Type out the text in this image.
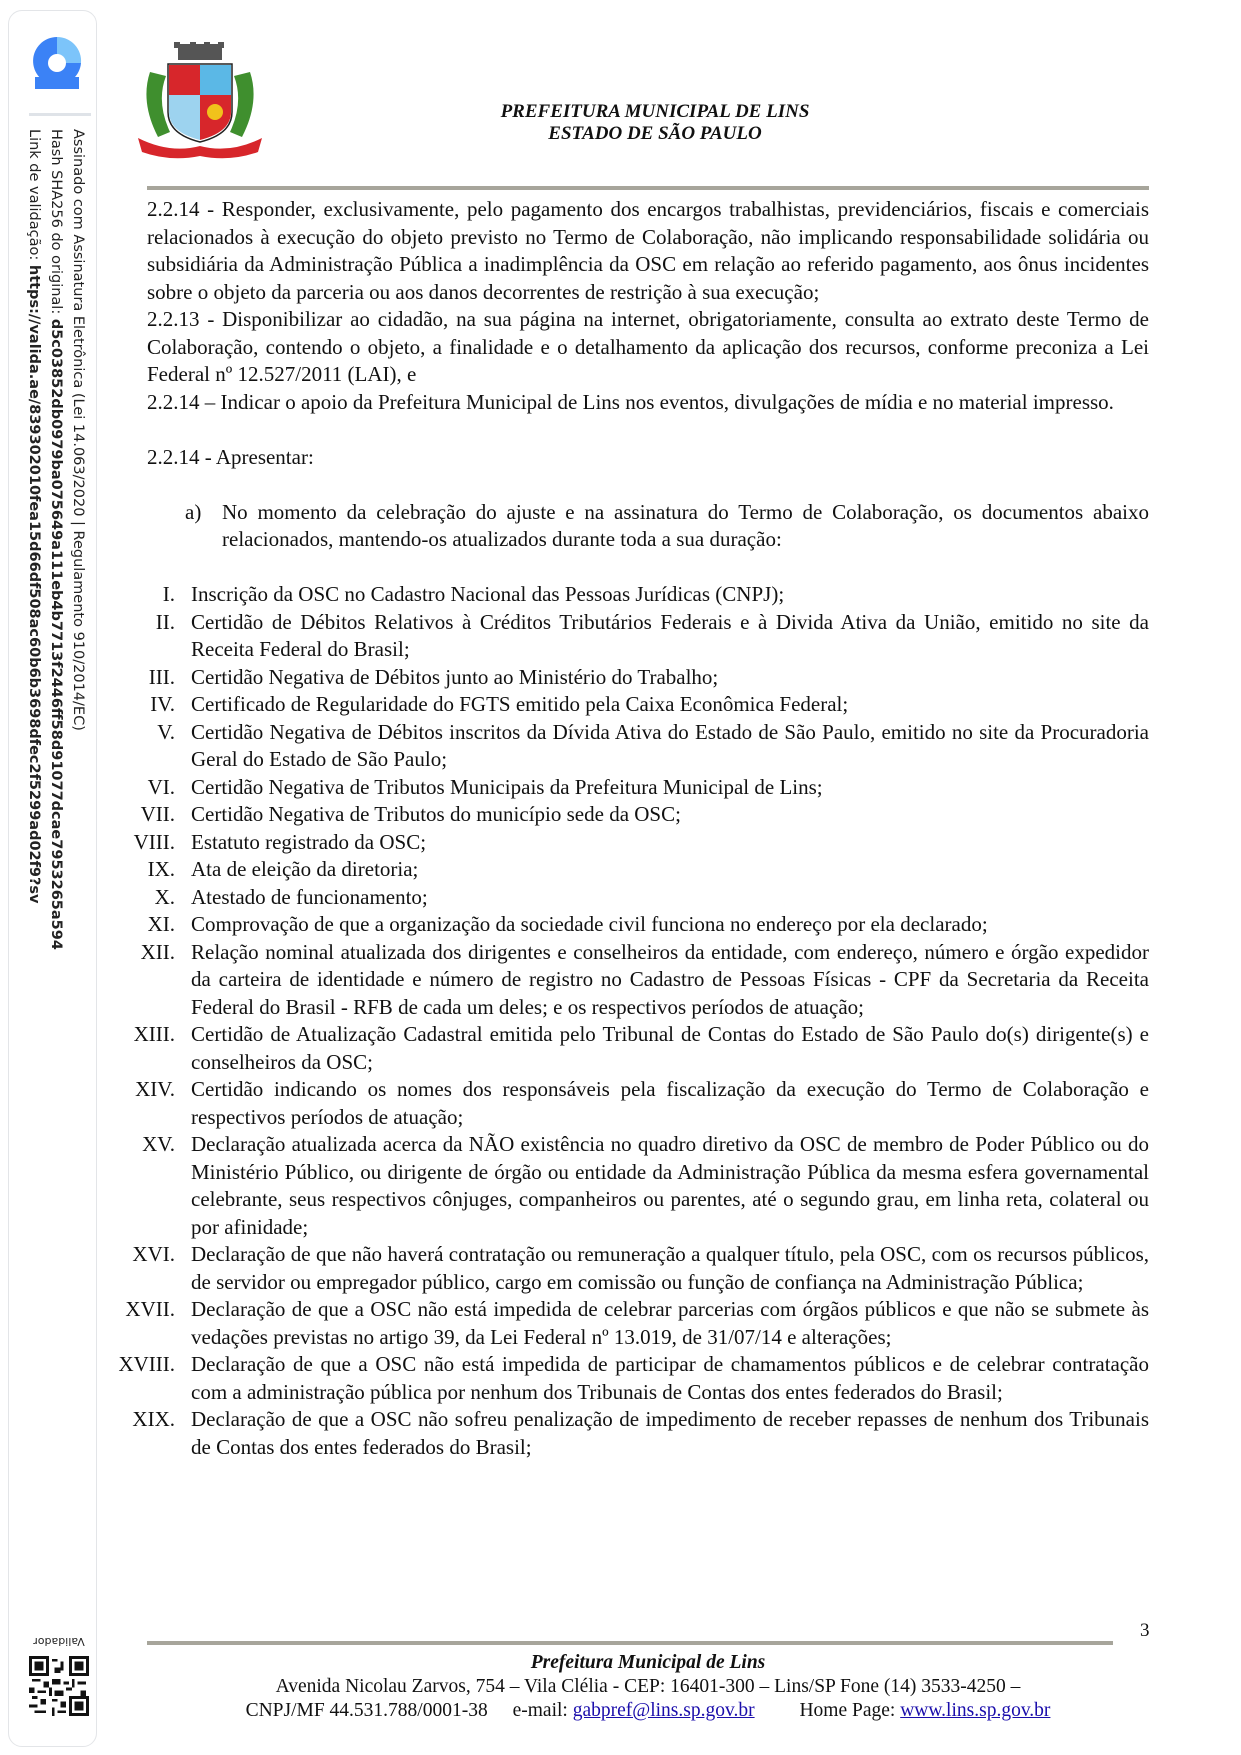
Assinado com Assinatura Eletrônica (Lei 14.063/2020 | Regulamento 910/2014/EC)
Hash SHA256 do original: d5c03852db0979ba075649a111eb4b7713f2446ff58d91077dcae7953265a594
Link de validação: https://valida.ae/839302010fea15d66df508ac60b6b3698dfec2f5299ad02f9?sv
Validador
PREFEITURA MUNICIPAL DE LINS
ESTADO DE SÃO PAULO

2.2.14 - Responder, exclusivamente, pelo pagamento dos encargos trabalhistas, previdenciários, fiscais e comerciais relacionados à execução do objeto previsto no Termo de Colaboração, não implicando responsabilidade solidária ou subsidiária da Administração Pública a inadimplência da OSC em relação ao referido pagamento, aos ônus incidentes sobre o objeto da parceria ou aos danos decorrentes de restrição à sua execução;

2.2.13 - Disponibilizar ao cidadão, na sua página na internet, obrigatoriamente, consulta ao extrato deste Termo de Colaboração, contendo o objeto, a finalidade e o detalhamento da aplicação dos recursos, conforme preconiza a Lei Federal nº 12.527/2011 (LAI), e

2.2.14 – Indicar o apoio da Prefeitura Municipal de Lins nos eventos, divulgações de mídia e no material impresso.

2.2.14 - Apresentar:

a) No momento da celebração do ajuste e na assinatura do Termo de Colaboração, os documentos abaixo relacionados, mantendo-os atualizados durante toda a sua duração:

I. Inscrição da OSC no Cadastro Nacional das Pessoas Jurídicas (CNPJ);
II. Certidão de Débitos Relativos à Créditos Tributários Federais e à Divida Ativa da União, emitido no site da Receita Federal do Brasil;
III. Certidão Negativa de Débitos junto ao Ministério do Trabalho;
IV. Certificado de Regularidade do FGTS emitido pela Caixa Econômica Federal;
V. Certidão Negativa de Débitos inscritos da Dívida Ativa do Estado de São Paulo, emitido no site da Procuradoria Geral do Estado de São Paulo;
VI. Certidão Negativa de Tributos Municipais da Prefeitura Municipal de Lins;
VII. Certidão Negativa de Tributos do município sede da OSC;
VIII. Estatuto registrado da OSC;
IX. Ata de eleição da diretoria;
X. Atestado de funcionamento;
XI. Comprovação de que a organização da sociedade civil funciona no endereço por ela declarado;
XII. Relação nominal atualizada dos dirigentes e conselheiros da entidade, com endereço, número e órgão expedidor da carteira de identidade e número de registro no Cadastro de Pessoas Físicas - CPF da Secretaria da Receita Federal do Brasil - RFB de cada um deles; e os respectivos períodos de atuação;
XIII. Certidão de Atualização Cadastral emitida pelo Tribunal de Contas do Estado de São Paulo do(s) dirigente(s) e conselheiros da OSC;
XIV. Certidão indicando os nomes dos responsáveis pela fiscalização da execução do Termo de Colaboração e respectivos períodos de atuação;
XV. Declaração atualizada acerca da NÃO existência no quadro diretivo da OSC de membro de Poder Público ou do Ministério Público, ou dirigente de órgão ou entidade da Administração Pública da mesma esfera governamental celebrante, seus respectivos cônjuges, companheiros ou parentes, até o segundo grau, em linha reta, colateral ou por afinidade;
XVI. Declaração de que não haverá contratação ou remuneração a qualquer título, pela OSC, com os recursos públicos, de servidor ou empregador público, cargo em comissão ou função de confiança na Administração Pública;
XVII. Declaração de que a OSC não está impedida de celebrar parcerias com órgãos públicos e que não se submete às vedações previstas no artigo 39, da Lei Federal nº 13.019, de 31/07/14 e alterações;
XVIII. Declaração de que a OSC não está impedida de participar de chamamentos públicos e de celebrar contratação com a administração pública por nenhum dos Tribunais de Contas dos entes federados do Brasil;
XIX. Declaração de que a OSC não sofreu penalização de impedimento de receber repasses de nenhum dos Tribunais de Contas dos entes federados do Brasil;
3
Prefeitura Municipal de Lins
Avenida Nicolau Zarvos, 754 – Vila Clélia - CEP: 16401-300 – Lins/SP Fone (14) 3533-4250 –
CNPJ/MF 44.531.788/0001-38 e-mail: gabpref@lins.sp.gov.br Home Page: www.lins.sp.gov.br
